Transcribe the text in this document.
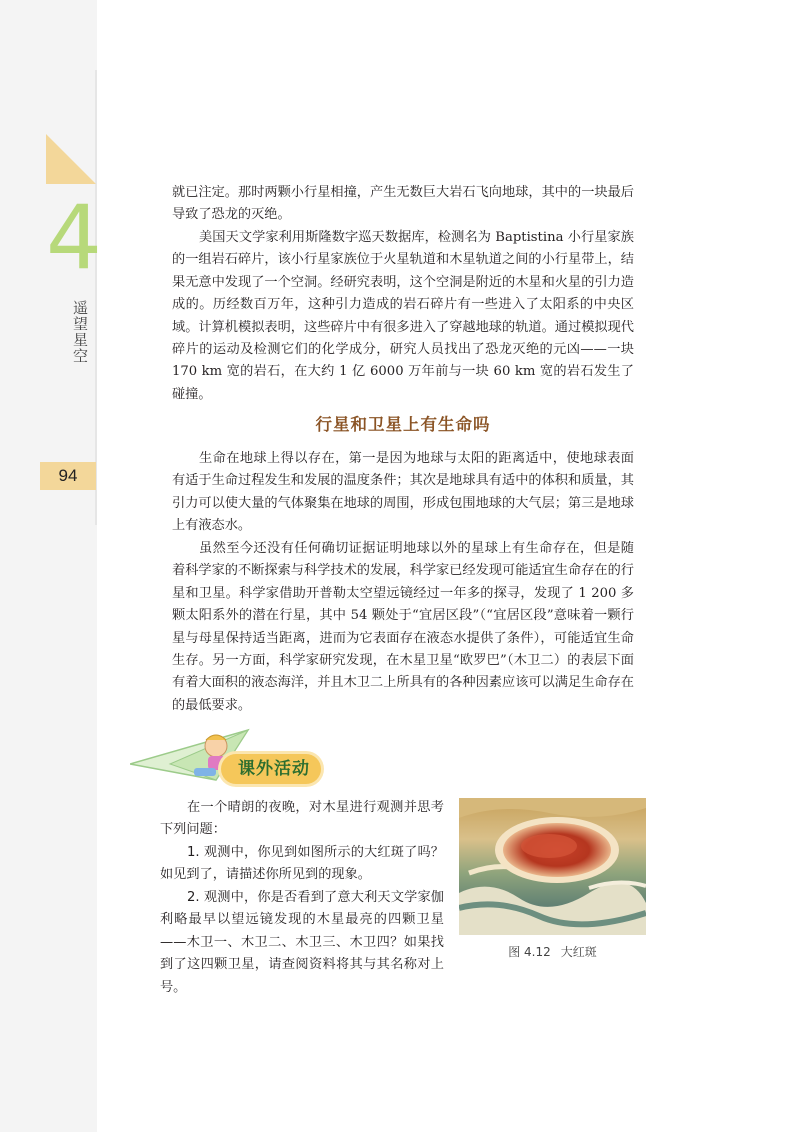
4
遥望星空
94

就已注定。那时两颗小行星相撞，产生无数巨大岩石飞向地球，其中的一块最后导致了恐龙的灭绝。

美国天文学家利用斯隆数字巡天数据库，检测名为 Baptistina 小行星家族的一组岩石碎片，该小行星家族位于火星轨道和木星轨道之间的小行星带上，结果无意中发现了一个空洞。经研究表明，这个空洞是附近的木星和火星的引力造成的。历经数百万年，这种引力造成的岩石碎片有一些进入了太阳系的中央区域。计算机模拟表明，这些碎片中有很多进入了穿越地球的轨道。通过模拟现代碎片的运动及检测它们的化学成分，研究人员找出了恐龙灭绝的元凶——一块 170 km 宽的岩石，在大约 1 亿 6000 万年前与一块 60 km 宽的岩石发生了碰撞。

行星和卫星上有生命吗

生命在地球上得以存在，第一是因为地球与太阳的距离适中，使地球表面有适于生命过程发生和发展的温度条件；其次是地球具有适中的体积和质量，其引力可以使大量的气体聚集在地球的周围，形成包围地球的大气层；第三是地球上有液态水。

虽然至今还没有任何确切证据证明地球以外的星球上有生命存在，但是随着科学家的不断探索与科学技术的发展，科学家已经发现可能适宜生命存在的行星和卫星。科学家借助开普勒太空望远镜经过一年多的探寻，发现了 1 200 多颗太阳系外的潜在行星，其中 54 颗处于“宜居区段”（“宜居区段”意味着一颗行星与母星保持适当距离，进而为它表面存在液态水提供了条件），可能适宜生命生存。另一方面，科学家研究发现，在木星卫星“欧罗巴”（木卫二）的表层下面有着大面积的液态海洋，并且木卫二上所具有的各种因素应该可以满足生命存在的最低要求。

课外活动

在一个晴朗的夜晚，对木星进行观测并思考下列问题：

1. 观测中，你见到如图所示的大红斑了吗？如见到了，请描述你所见到的现象。

2. 观测中，你是否看到了意大利天文学家伽利略最早以望远镜发现的木星最亮的四颗卫星——木卫一、木卫二、木卫三、木卫四？如果找到了这四颗卫星，请查阅资料将其与其名称对上号。

图 4.12 大红斑
